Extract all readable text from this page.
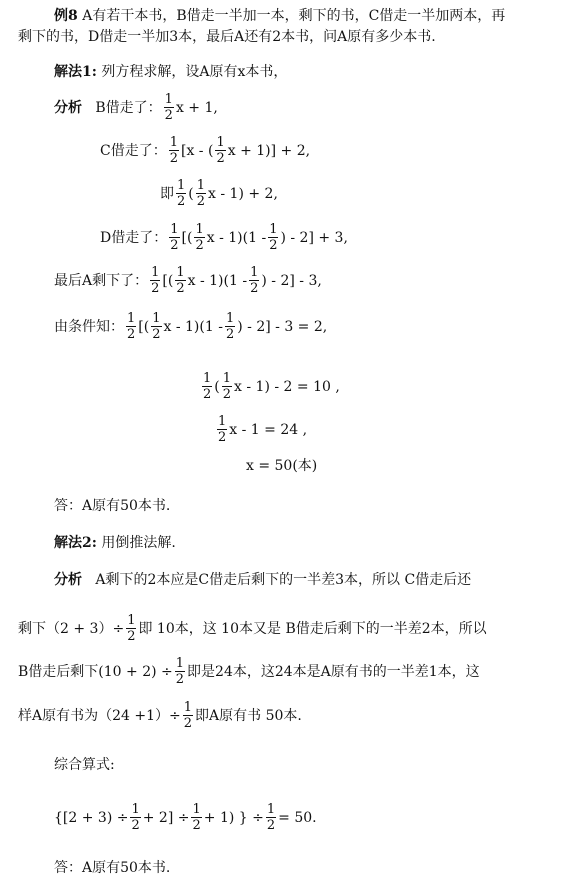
例8 A有若干本书，B借走一半加一本，剩下的书，C借走一半加两本，再
剩下的书，D借走一半加3本，最后A还有2本书，问A原有多少本书.
解法1: 列方程求解，设A原有x本书，
分析
B借走了： $\frac{1}{2}$ x + 1,
C借走了： $\frac{1}{2} [x$ - ( $\frac{1}{2}$ x + 1)] + 2,
即 $\frac{1}{2}$ ( $\frac{1}{2}$ x - 1) + 2,
D借走了： $\frac{1}{2}$ [( $\frac{1}{2}$ x - $1)(1 - \frac{1}{2}$ ) - 2] + 3,
最后A剩下了： $\frac{1}{2}$ [( $\frac{1}{2}$ x - $1)(1 - \frac{1}{2}$ ) - 2] - 3,
由条件知： $\frac{1}{2}$ [( $\frac{1}{2}$ x - $1)(1 - \frac{1}{2}$ ) - 2] - 3 = 2,
$\frac{1}{2}$ ( $\frac{1}{2}$ x - 1) - 2 = 10 ,
$\frac{1}{2}$ x - 1 = 24 ,
x = 50(本)
答：A原有50本书.
解法2: 用倒推法解.
分析 A剩下的2本应是C借走后剩下的一半差3本，所以 C借走后还
剩下$(2 + 3)\div \frac{1}{2}$ 即 10本，这 10本又是 B借走后剩下的一半差2本，所以
B借走后剩下$(10 + 2) \div \frac{1}{2}$ 即是24本，这24本是A原有书的一半差1本，这
样A原有书为$(24 +1)\div \frac{1}{2}$ 即A原有书 50本.
综合算式:
$\{[2 + 3) \div \frac{1}{2} + 2] \div \frac{1}{2} + 1$) } ÷ $\frac{1}{2} = 50$.
答：A原有50本书.
